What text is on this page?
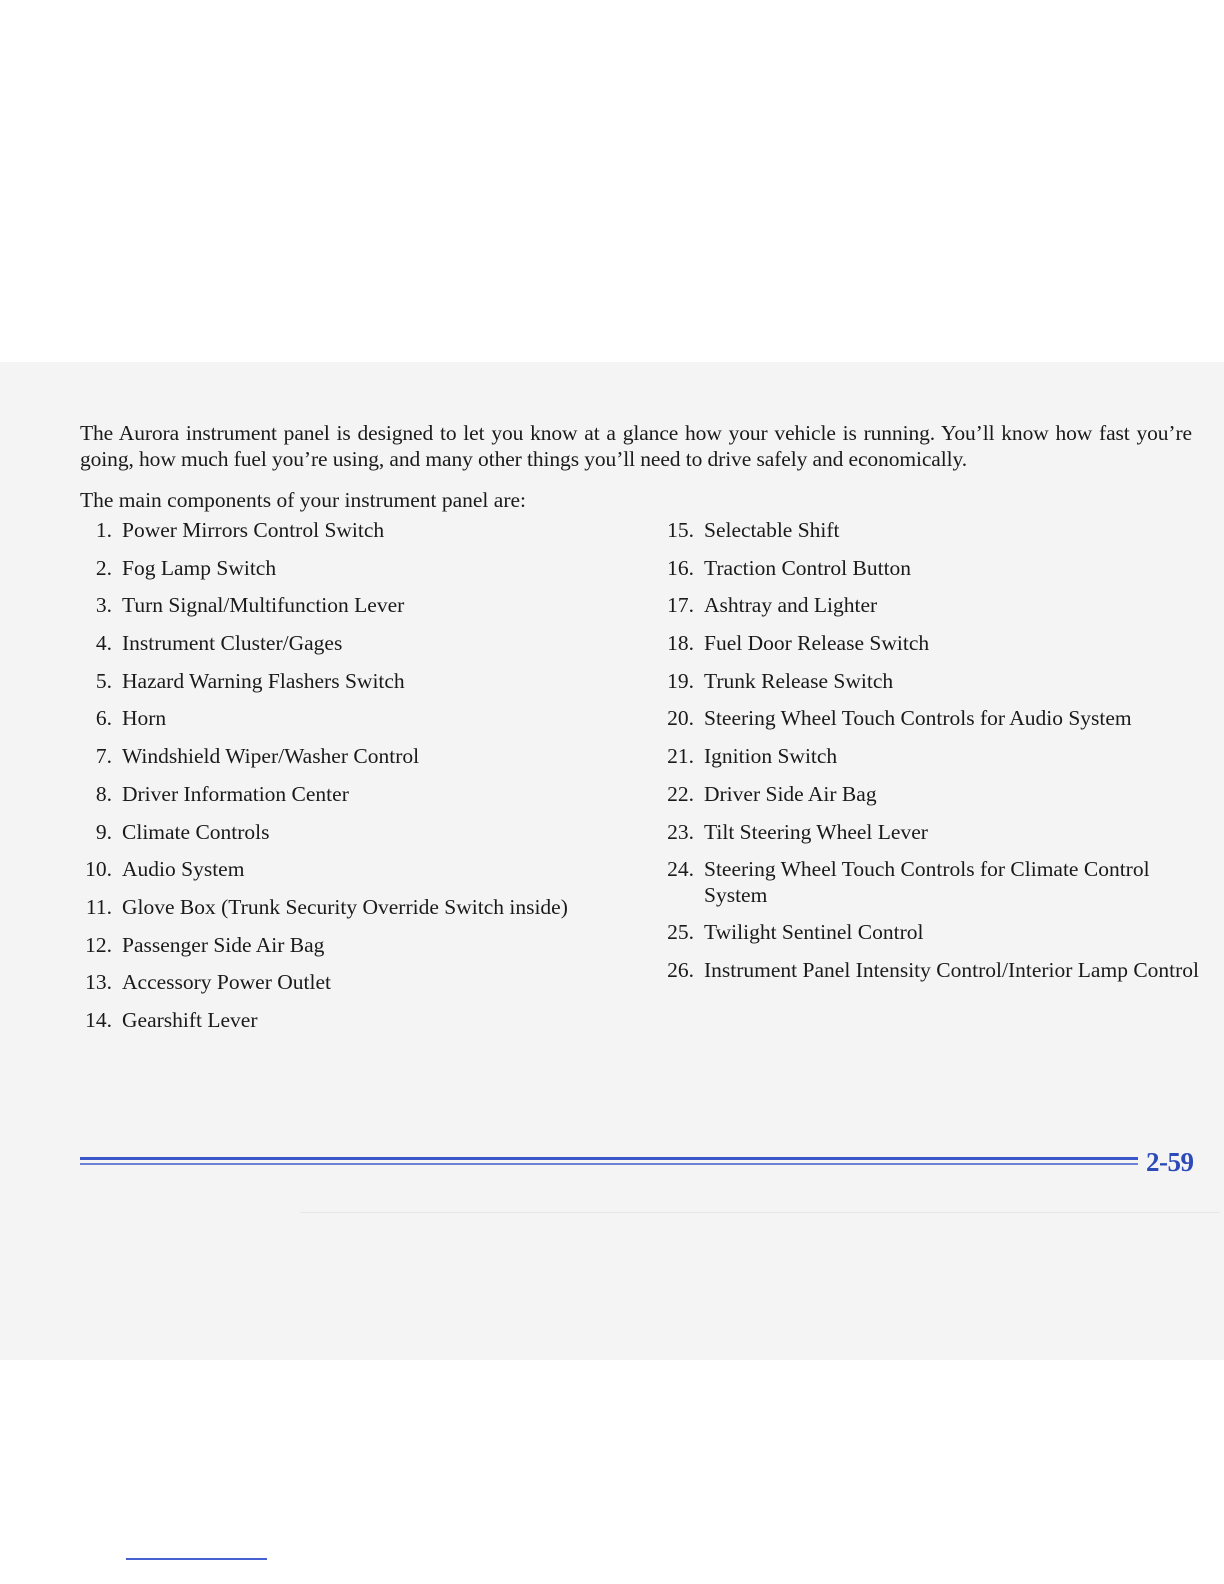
The Aurora instrument panel is designed to let you know at a glance how your vehicle is running. You’ll know how fast you’re going, how much fuel you’re using, and many other things you’ll need to drive safely and economically.

The main components of your instrument panel are:

1. Power Mirrors Control Switch
2. Fog Lamp Switch
3. Turn Signal/Multifunction Lever
4. Instrument Cluster/Gages
5. Hazard Warning Flashers Switch
6. Horn
7. Windshield Wiper/Washer Control
8. Driver Information Center
9. Climate Controls
10. Audio System
11. Glove Box (Trunk Security Override Switch inside)
12. Passenger Side Air Bag
13. Accessory Power Outlet
14. Gearshift Lever
15. Selectable Shift
16. Traction Control Button
17. Ashtray and Lighter
18. Fuel Door Release Switch
19. Trunk Release Switch
20. Steering Wheel Touch Controls for Audio System
21. Ignition Switch
22. Driver Side Air Bag
23. Tilt Steering Wheel Lever
24. Steering Wheel Touch Controls for Climate Control System
25. Twilight Sentinel Control
26. Instrument Panel Intensity Control/Interior Lamp Control
2-59
